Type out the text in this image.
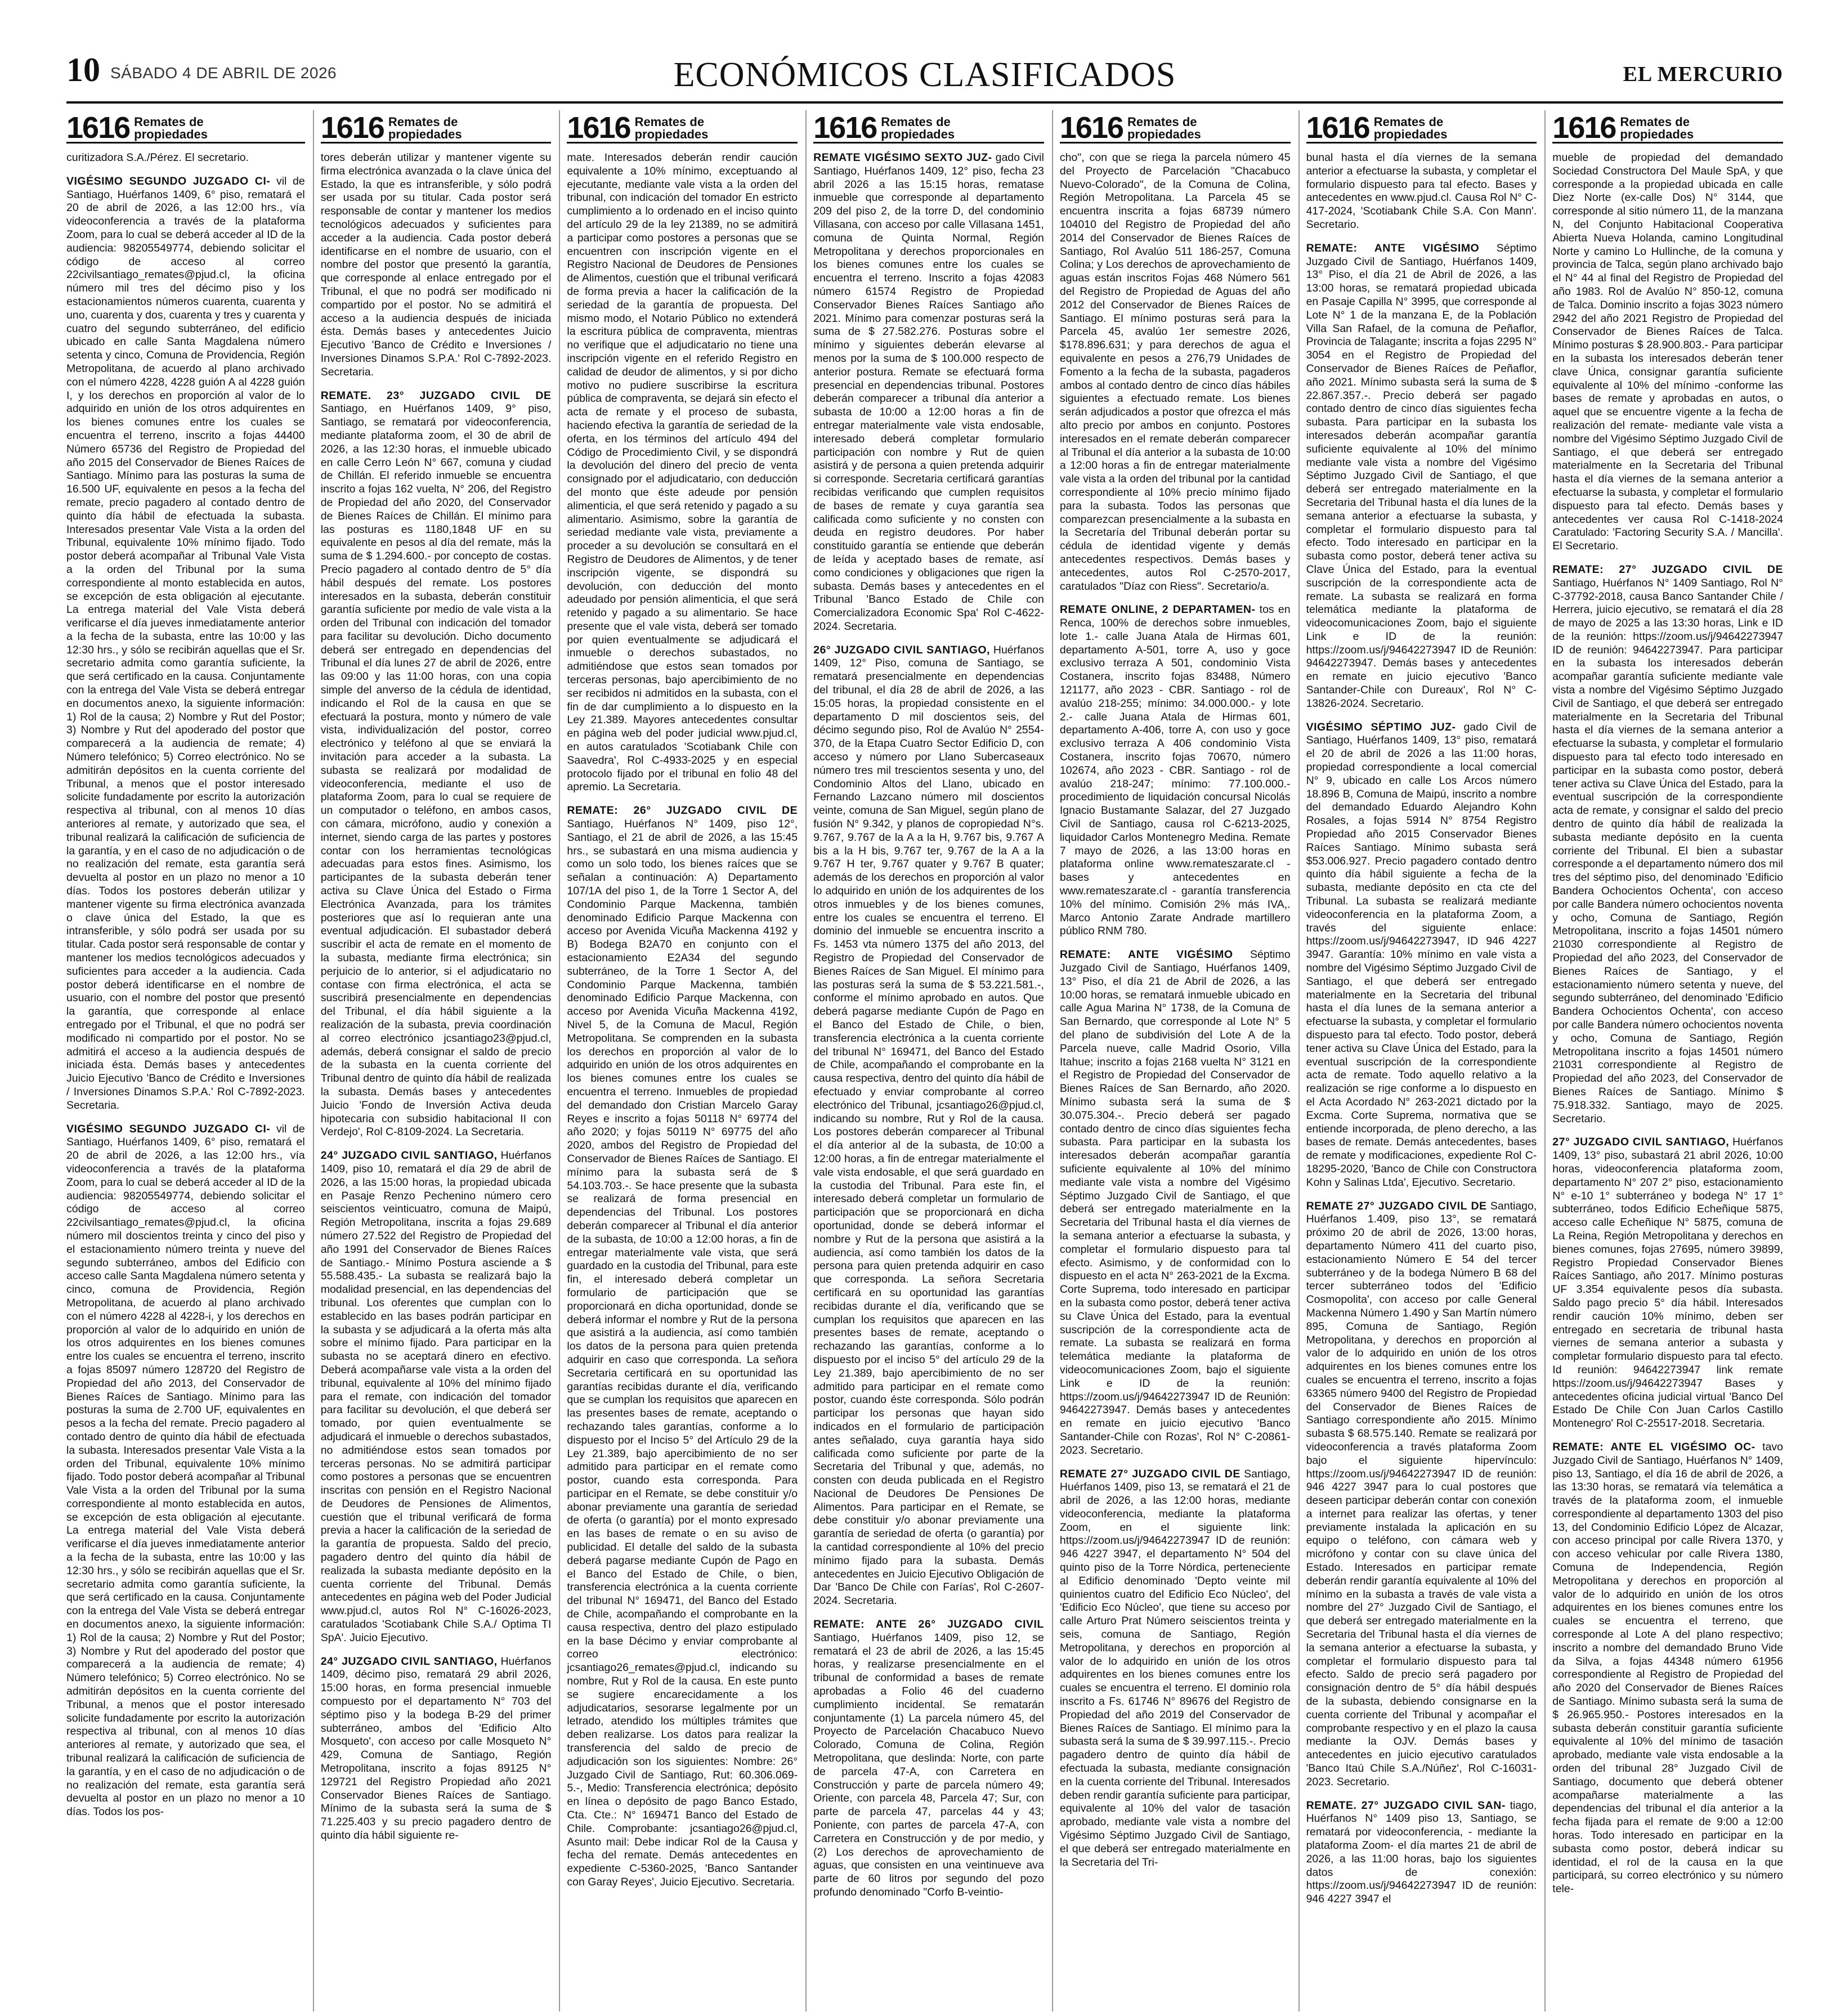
10 SÁBADO 4 DE ABRIL DE 2026	ECONÓMICOS CLASIFICADOS	EL MERCURIO
1616 Remates de
propiedades

curitizadora S.A./Pérez. El secretario.

VIGÉSIMO SEGUNDO JUZGADO CI- vil de Santiago, Huérfanos 1409, 6° piso, rematará el 20 de abril de 2026, a las 12:00 hrs., vía videoconferencia a través de la plataforma Zoom, para lo cual se deberá acceder al ID de la audiencia: 98205549774, debiendo solicitar el código de acceso al correo 22civilsantiago_remates@pjud.cl, la oficina número mil tres del décimo piso y los estacionamientos números cuarenta, cuarenta y uno, cuarenta y dos, cuarenta y tres y cuarenta y cuatro del segundo subterráneo, del edificio ubicado en calle Santa Magdalena número setenta y cinco, Comuna de Providencia, Región Metropolitana, de acuerdo al plano archivado con el número 4228, 4228 guión A al 4228 guión I, y los derechos en proporción al valor de lo adquirido en unión de los otros adquirentes en los bienes comunes entre los cuales se encuentra el terreno, inscrito a fojas 44400 Número 65736 del Registro de Propiedad del año 2015 del Conservador de Bienes Raíces de Santiago. Mínimo para las posturas la suma de 16.500 UF, equivalente en pesos a la fecha del remate, precio pagadero al contado dentro de quinto día hábil de efectuada la subasta. Interesados presentar Vale Vista a la orden del Tribunal, equivalente 10% mínimo fijado. Todo postor deberá acompañar al Tribunal Vale Vista a la orden del Tribunal por la suma correspondiente al monto establecida en autos, se excepción de esta obligación al ejecutante. La entrega material del Vale Vista deberá verificarse el día jueves inmediatamente anterior a la fecha de la subasta, entre las 10:00 y las 12:30 hrs., y sólo se recibirán aquellas que el Sr. secretario admita como garantía suficiente, la que será certificado en la causa. Conjuntamente con la entrega del Vale Vista se deberá entregar en documentos anexo, la siguiente información: 1) Rol de la causa; 2) Nombre y Rut del Postor; 3) Nombre y Rut del apoderado del postor que comparecerá a la audiencia de remate; 4) Número telefónico; 5) Correo electrónico. No se admitirán depósitos en la cuenta corriente del Tribunal, a menos que el postor interesado solicite fundadamente por escrito la autorización respectiva al tribunal, con al menos 10 días anteriores al remate, y autorizado que sea, el tribunal realizará la calificación de suficiencia de la garantía, y en el caso de no adjudicación o de no realización del remate, esta garantía será devuelta al postor en un plazo no menor a 10 días. Todos los postores deberán utilizar y mantener vigente su firma electrónica avanzada o clave única del Estado, la que es intransferible, y sólo podrá ser usada por su titular. Cada postor será responsable de contar y mantener los medios tecnológicos adecuados y suficientes para acceder a la audiencia. Cada postor deberá identificarse en el nombre de usuario, con el nombre del postor que presentó la garantía, que corresponde al enlace entregado por el Tribunal, el que no podrá ser modificado ni compartido por el postor. No se admitirá el acceso a la audiencia después de iniciada ésta. Demás bases y antecedentes Juicio Ejecutivo 'Banco de Crédito e Inversiones / Inversiones Dinamos S.P.A.' Rol C-7892-2023. Secretaria.

VIGÉSIMO SEGUNDO JUZGADO CI- vil de Santiago, Huérfanos 1409, 6° piso, rematará el 20 de abril de 2026, a las 12:00 hrs., vía videoconferencia a través de la plataforma Zoom, para lo cual se deberá acceder al ID de la audiencia: 98205549774, debiendo solicitar el código de acceso al correo 22civilsantiago_remates@pjud.cl, la oficina número mil doscientos treinta y cinco del piso y el estacionamiento número treinta y nueve del segundo subterráneo, ambos del Edificio con acceso calle Santa Magdalena número setenta y cinco, comuna de Providencia, Región Metropolitana, de acuerdo al plano archivado con el número 4228 al 4228-i, y los derechos en proporción al valor de lo adquirido en unión de los otros adquirentes en los bienes comunes entre los cuales se encuentra el terreno, inscrito a fojas 85097 número 128720 del Registro de Propiedad del año 2013, del Conservador de Bienes Raíces de Santiago. Mínimo para las posturas la suma de 2.700 UF, equivalentes en pesos a la fecha del remate. Precio pagadero al contado dentro de quinto día hábil de efectuada la subasta. Interesados presentar Vale Vista a la orden del Tribunal, equivalente 10% mínimo fijado. Todo postor deberá acompañar al Tribunal Vale Vista a la orden del Tribunal por la suma correspondiente al monto establecida en autos, se excepción de esta obligación al ejecutante. La entrega material del Vale Vista deberá verificarse el día jueves inmediatamente anterior a la fecha de la subasta, entre las 10:00 y las 12:30 hrs., y sólo se recibirán aquellas que el Sr. secretario admita como garantía suficiente, la que será certificado en la causa. Conjuntamente con la entrega del Vale Vista se deberá entregar en documentos anexo, la siguiente información: 1) Rol de la causa; 2) Nombre y Rut del Postor; 3) Nombre y Rut del apoderado del postor que comparecerá a la audiencia de remate; 4) Número telefónico; 5) Correo electrónico. No se admitirán depósitos en la cuenta corriente del Tribunal, a menos que el postor interesado solicite fundadamente por escrito la autorización respectiva al tribunal, con al menos 10 días anteriores al remate, y autorizado que sea, el tribunal realizará la calificación de suficiencia de la garantía, y en el caso de no adjudicación o de no realización del remate, esta garantía será devuelta al postor en un plazo no menor a 10 días. Todos los pos-

1616 Remates de
propiedades

tores deberán utilizar y mantener vigente su firma electrónica avanzada o la clave única del Estado, la que es intransferible, y sólo podrá ser usada por su titular. Cada postor será responsable de contar y mantener los medios tecnológicos adecuados y suficientes para acceder a la audiencia. Cada postor deberá identificarse en el nombre de usuario, con el nombre del postor que presentó la garantía, que corresponde al enlace entregado por el Tribunal, el que no podrá ser modificado ni compartido por el postor. No se admitirá el acceso a la audiencia después de iniciada ésta. Demás bases y antecedentes Juicio Ejecutivo 'Banco de Crédito e Inversiones / Inversiones Dinamos S.P.A.' Rol C-7892-2023. Secretaria.

REMATE. 23° JUZGADO CIVIL DE Santiago, en Huérfanos 1409, 9° piso, Santiago, se rematará por videoconferencia, mediante plataforma zoom, el 30 de abril de 2026, a las 12:30 horas, el inmueble ubicado en calle Cerro León N° 667, comuna y ciudad de Chillán. El referido inmueble se encuentra inscrito a fojas 162 vuelta, N° 206, del Registro de Propiedad del año 2020, del Conservador de Bienes Raíces de Chillán. El mínimo para las posturas es 1180,1848 UF en su equivalente en pesos al día del remate, más la suma de $ 1.294.600.- por concepto de costas. Precio pagadero al contado dentro de 5° día hábil después del remate. Los postores interesados en la subasta, deberán constituir garantía suficiente por medio de vale vista a la orden del Tribunal con indicación del tomador para facilitar su devolución. Dicho documento deberá ser entregado en dependencias del Tribunal el día lunes 27 de abril de 2026, entre las 09:00 y las 11:00 horas, con una copia simple del anverso de la cédula de identidad, indicando el Rol de la causa en que se efectuará la postura, monto y número de vale vista, individualización del postor, correo electrónico y teléfono al que se enviará la invitación para acceder a la subasta. La subasta se realizará por modalidad de videoconferencia, mediante el uso de plataforma Zoom, para lo cual se requiere de un computador o teléfono, en ambos casos, con cámara, micrófono, audio y conexión a internet, siendo carga de las partes y postores contar con los herramientas tecnológicas adecuadas para estos fines. Asimismo, los participantes de la subasta deberán tener activa su Clave Única del Estado o Firma Electrónica Avanzada, para los trámites posteriores que así lo requieran ante una eventual adjudicación. El subastador deberá suscribir el acta de remate en el momento de la subasta, mediante firma electrónica; sin perjuicio de lo anterior, si el adjudicatario no contase con firma electrónica, el acta se suscribirá presencialmente en dependencias del Tribunal, el día hábil siguiente a la realización de la subasta, previa coordinación al correo electrónico jcsantiago23@pjud.cl, además, deberá consignar el saldo de precio de la subasta en la cuenta corriente del Tribunal dentro de quinto día hábil de realizada la subasta. Demás bases y antecedentes Juicio 'Fondo de Inversión Activa deuda hipotecaria con subsidio habitacional II con Verdejo', Rol C-8109-2024. La Secretaria.

24° JUZGADO CIVIL SANTIAGO, Huérfanos 1409, piso 10, rematará el día 29 de abril de 2026, a las 15:00 horas, la propiedad ubicada en Pasaje Renzo Pechenino número cero seiscientos veinticuatro, comuna de Maipú, Región Metropolitana, inscrita a fojas 29.689 número 27.522 del Registro de Propiedad del año 1991 del Conservador de Bienes Raíces de Santiago.- Mínimo Postura asciende a $ 55.588.435.- La subasta se realizará bajo la modalidad presencial, en las dependencias del tribunal. Los oferentes que cumplan con lo establecido en las bases podrán participar en la subasta y se adjudicará a la oferta más alta sobre el mínimo fijado. Para participar en la subasta no se aceptará dinero en efectivo. Deberá acompañarse vale vista a la orden del tribunal, equivalente al 10% del mínimo fijado para el remate, con indicación del tomador para facilitar su devolución, el que deberá ser tomado, por quien eventualmente se adjudicará el inmueble o derechos subastados, no admitiéndose estos sean tomados por terceras personas. No se admitirá participar como postores a personas que se encuentren inscritas con pensión en el Registro Nacional de Deudores de Pensiones de Alimentos, cuestión que el tribunal verificará de forma previa a hacer la calificación de la seriedad de la garantía de propuesta. Saldo del precio, pagadero dentro del quinto día hábil de realizada la subasta mediante depósito en la cuenta corriente del Tribunal. Demás antecedentes en página web del Poder Judicial www.pjud.cl, autos Rol N° C-16026-2023, caratulados 'Scotiabank Chile S.A./ Optima TI SpA'. Juicio Ejecutivo.

24° JUZGADO CIVIL SANTIAGO, Huérfanos 1409, décimo piso, rematará 29 abril 2026, 15:00 horas, en forma presencial inmueble compuesto por el departamento N° 703 del séptimo piso y la bodega B-29 del primer subterráneo, ambos del 'Edificio Alto Mosqueto', con acceso por calle Mosqueto N° 429, Comuna de Santiago, Región Metropolitana, inscrito a fojas 89125 N° 129721 del Registro Propiedad año 2021 Conservador Bienes Raíces de Santiago. Mínimo de la subasta será la suma de $ 71.225.403 y su precio pagadero dentro de quinto día hábil siguiente re-

1616 Remates de
propiedades

mate. Interesados deberán rendir caución equivalente a 10% mínimo, exceptuando al ejecutante, mediante vale vista a la orden del tribunal, con indicación del tomador En estricto cumplimiento a lo ordenado en el inciso quinto del artículo 29 de la ley 21389, no se admitirá a participar como postores a personas que se encuentren con inscripción vigente en el Registro Nacional de Deudores de Pensiones de Alimentos, cuestión que el tribunal verificará de forma previa a hacer la calificación de la seriedad de la garantía de propuesta. Del mismo modo, el Notario Público no extenderá la escritura pública de compraventa, mientras no verifique que el adjudicatario no tiene una inscripción vigente en el referido Registro en calidad de deudor de alimentos, y si por dicho motivo no pudiere suscribirse la escritura pública de compraventa, se dejará sin efecto el acta de remate y el proceso de subasta, haciendo efectiva la garantía de seriedad de la oferta, en los términos del artículo 494 del Código de Procedimiento Civil, y se dispondrá la devolución del dinero del precio de venta consignado por el adjudicatario, con deducción del monto que éste adeude por pensión alimenticia, el que será retenido y pagado a su alimentario. Asimismo, sobre la garantía de seriedad mediante vale vista, previamente a proceder a su devolución se consultará en el Registro de Deudores de Alimentos, y de tener inscripción vigente, se dispondrá su devolución, con deducción del monto adeudado por pensión alimenticia, el que será retenido y pagado a su alimentario. Se hace presente que el vale vista, deberá ser tomado por quien eventualmente se adjudicará el inmueble o derechos subastados, no admitiéndose que estos sean tomados por terceras personas, bajo apercibimiento de no ser recibidos ni admitidos en la subasta, con el fin de dar cumplimiento a lo dispuesto en la Ley 21.389. Mayores antecedentes consultar en página web del poder judicial www.pjud.cl, en autos caratulados 'Scotiabank Chile con Saavedra', Rol C-4933-2025 y en especial protocolo fijado por el tribunal en folio 48 del apremio. La Secretaria.

REMATE: 26° JUZGADO CIVIL DE Santiago, Huérfanos N° 1409, piso 12°, Santiago, el 21 de abril de 2026, a las 15:45 hrs., se subastará en una misma audiencia y como un solo todo, los bienes raíces que se señalan a continuación: A) Departamento 107/1A del piso 1, de la Torre 1 Sector A, del Condominio Parque Mackenna, también denominado Edificio Parque Mackenna con acceso por Avenida Vicuña Mackenna 4192 y B) Bodega B2A70 en conjunto con el estacionamiento E2A34 del segundo subterráneo, de la Torre 1 Sector A, del Condominio Parque Mackenna, también denominado Edificio Parque Mackenna, con acceso por Avenida Vicuña Mackenna 4192, Nivel 5, de la Comuna de Macul, Región Metropolitana. Se comprenden en la subasta los derechos en proporción al valor de lo adquirido en unión de los otros adquirentes en los bienes comunes entre los cuales se encuentra el terreno. Inmuebles de propiedad del demandado don Cristian Marcelo Garay Reyes e inscrito a fojas 50118 N° 69774 del año 2020; y fojas 50119 N° 69775 del año 2020, ambos del Registro de Propiedad del Conservador de Bienes Raíces de Santiago. El mínimo para la subasta será de $ 54.103.703.-. Se hace presente que la subasta se realizará de forma presencial en dependencias del Tribunal. Los postores deberán comparecer al Tribunal el día anterior de la subasta, de 10:00 a 12:00 horas, a fin de entregar materialmente vale vista, que será guardado en la custodia del Tribunal, para este fin, el interesado deberá completar un formulario de participación que se proporcionará en dicha oportunidad, donde se deberá informar el nombre y Rut de la persona que asistirá a la audiencia, así como también los datos de la persona para quien pretenda adquirir en caso que corresponda. La señora Secretaria certificará en su oportunidad las garantías recibidas durante el día, verificando que se cumplan los requisitos que aparecen en las presentes bases de remate, aceptando o rechazando tales garantías, conforme a lo dispuesto por el Inciso 5° del Artículo 29 de la Ley 21.389, bajo apercibimiento de no ser admitido para participar en el remate como postor, cuando esta corresponda. Para participar en el Remate, se debe constituir y/o abonar previamente una garantía de seriedad de oferta (o garantía) por el monto expresado en las bases de remate o en su aviso de publicidad. El detalle del saldo de la subasta deberá pagarse mediante Cupón de Pago en el Banco del Estado de Chile, o bien, transferencia electrónica a la cuenta corriente del tribunal N° 169471, del Banco del Estado de Chile, acompañando el comprobante en la causa respectiva, dentro del plazo estipulado en la base Décimo y enviar comprobante al correo electrónico: jcsantiago26_remates@pjud.cl, indicando su nombre, Rut y Rol de la causa. En este punto se sugiere encarecidamente a los adjudicatarios, sesorarse legalmente por un letrado, atendido los múltiples trámites que deben realizarse. Los datos para realizar la transferencia del saldo de precio de adjudicación son los siguientes: Nombre: 26° Juzgado Civil de Santiago, Rut: 60.306.069-5.-, Medio: Transferencia electrónica; depósito en línea o depósito de pago Banco Estado, Cta. Cte.: N° 169471 Banco del Estado de Chile. Comprobante: jcsantiago26@pjud.cl, Asunto mail: Debe indicar Rol de la Causa y fecha del remate. Demás antecedentes en expediente C-5360-2025, 'Banco Santander con Garay Reyes', Juicio Ejecutivo. Secretaria.

1616 Remates de
propiedades

REMATE VIGÉSIMO SEXTO JUZ- gado Civil Santiago, Huérfanos 1409, 12° piso, fecha 23 abril 2026 a las 15:15 horas, rematase inmueble que corresponde al departamento 209 del piso 2, de la torre D, del condominio Villasana, con acceso por calle Villasana 1451, comuna de Quinta Normal, Región Metropolitana y derechos proporcionales en los bienes comunes entre los cuales se encuentra el terreno. Inscrito a fojas 42083 número 61574 Registro de Propiedad Conservador Bienes Raíces Santiago año 2021. Mínimo para comenzar posturas será la suma de $ 27.582.276. Posturas sobre el mínimo y siguientes deberán elevarse al menos por la suma de $ 100.000 respecto de anterior postura. Remate se efectuará forma presencial en dependencias tribunal. Postores deberán comparecer a tribunal día anterior a subasta de 10:00 a 12:00 horas a fin de entregar materialmente vale vista endosable, interesado deberá completar formulario participación con nombre y Rut de quien asistirá y de persona a quien pretenda adquirir si corresponde. Secretaria certificará garantías recibidas verificando que cumplen requisitos de bases de remate y cuya garantía sea calificada como suficiente y no consten con deuda en registro deudores. Por haber constituido garantía se entiende que deberán de leída y aceptado bases de remate, así como condiciones y obligaciones que rigen la subasta. Demás bases y antecedentes en el Tribunal 'Banco Estado de Chile con Comercializadora Economic Spa' Rol C-4622-2024. Secretaria.

26° JUZGADO CIVIL SANTIAGO, Huérfanos 1409, 12° Piso, comuna de Santiago, se rematará presencialmente en dependencias del tribunal, el día 28 de abril de 2026, a las 15:05 horas, la propiedad consistente en el departamento D mil doscientos seis, del décimo segundo piso, Rol de Avalúo N° 2554-370, de la Etapa Cuatro Sector Edificio D, con acceso y número por Llano Subercaseaux número tres mil trescientos sesenta y uno, del Condominio Altos del Llano, ubicado en Fernando Lazcano número mil doscientos veinte, comuna de San Miguel, según plano de fusión N° 9.342, y planos de copropiedad N°s. 9.767, 9.767 de la A a la H, 9.767 bis, 9.767 A bis a la H bis, 9.767 ter, 9.767 de la A a la 9.767 H ter, 9.767 quater y 9.767 B quater; además de los derechos en proporción al valor lo adquirido en unión de los adquirentes de los otros inmuebles y de los bienes comunes, entre los cuales se encuentra el terreno. El dominio del inmueble se encuentra inscrito a Fs. 1453 vta número 1375 del año 2013, del Registro de Propiedad del Conservador de Bienes Raíces de San Miguel. El mínimo para las posturas será la suma de $ 53.221.581.-, conforme el mínimo aprobado en autos. Que deberá pagarse mediante Cupón de Pago en el Banco del Estado de Chile, o bien, transferencia electrónica a la cuenta corriente del tribunal N° 169471, del Banco del Estado de Chile, acompañando el comprobante en la causa respectiva, dentro del quinto día hábil de efectuado y enviar comprobante al correo electrónico del Tribunal, jcsantiago26@pjud.cl, indicando su nombre, Rut y Rol de la causa. Los postores deberán comparecer al Tribunal el día anterior al de la subasta, de 10:00 a 12:00 horas, a fin de entregar materialmente el vale vista endosable, el que será guardado en la custodia del Tribunal. Para este fin, el interesado deberá completar un formulario de participación que se proporcionará en dicha oportunidad, donde se deberá informar el nombre y Rut de la persona que asistirá a la audiencia, así como también los datos de la persona para quien pretenda adquirir en caso que corresponda. La señora Secretaria certificará en su oportunidad las garantías recibidas durante el día, verificando que se cumplan los requisitos que aparecen en las presentes bases de remate, aceptando o rechazando las garantías, conforme a lo dispuesto por el inciso 5° del artículo 29 de la Ley 21.389, bajo apercibimiento de no ser admitido para participar en el remate como postor, cuando éste corresponda. Sólo podrán participar los personas que hayan sido indicados en el formulario de participación antes señalado, cuya garantía haya sido calificada como suficiente por parte de la Secretaria del Tribunal y que, además, no consten con deuda publicada en el Registro Nacional de Deudores De Pensiones De Alimentos. Para participar en el Remate, se debe constituir y/o abonar previamente una garantía de seriedad de oferta (o garantía) por la cantidad correspondiente al 10% del precio mínimo fijado para la subasta. Demás antecedentes en Juicio Ejecutivo Obligación de Dar 'Banco De Chile con Farías', Rol C-2607-2024. Secretaria.

REMATE: ANTE 26° JUZGADO CIVIL Santiago, Huérfanos 1409, piso 12, se rematará el 23 de abril de 2026, a las 15:45 horas, y realizarse presencialmente en el tribunal de conformidad a bases de remate aprobadas a Folio 46 del cuaderno cumplimiento incidental. Se rematarán conjuntamente (1) La parcela número 45, del Proyecto de Parcelación Chacabuco Nuevo Colorado, Comuna de Colina, Región Metropolitana, que deslinda: Norte, con parte de parcela 47-A, con Carretera en Construcción y parte de parcela número 49; Oriente, con parcela 48, Parcela 47; Sur, con parte de parcela 47, parcelas 44 y 43; Poniente, con partes de parcela 47-A, con Carretera en Construcción y de por medio, y (2) Los derechos de aprovechamiento de aguas, que consisten en una veintinueve ava parte de 60 litros por segundo del pozo profundo denominado "Corfo B-veintio-

1616 Remates de
propiedades

cho", con que se riega la parcela número 45 del Proyecto de Parcelación "Chacabuco Nuevo-Colorado", de la Comuna de Colina, Región Metropolitana. La Parcela 45 se encuentra inscrita a fojas 68739 número 104010 del Registro de Propiedad del año 2014 del Conservador de Bienes Raíces de Santiago, Rol Avalúo 511 186-257, Comuna Colina; y Los derechos de aprovechamiento de aguas están inscritos Fojas 468 Número 561 del Registro de Propiedad de Aguas del año 2012 del Conservador de Bienes Raíces de Santiago. El mínimo posturas será para la Parcela 45, avalúo 1er semestre 2026, $178.896.631; y para derechos de agua el equivalente en pesos a 276,79 Unidades de Fomento a la fecha de la subasta, pagaderos ambos al contado dentro de cinco días hábiles siguientes a efectuado remate. Los bienes serán adjudicados a postor que ofrezca el más alto precio por ambos en conjunto. Postores interesados en el remate deberán comparecer al Tribunal el día anterior a la subasta de 10:00 a 12:00 horas a fin de entregar materialmente vale vista a la orden del tribunal por la cantidad correspondiente al 10% precio mínimo fijado para la subasta. Todos las personas que comparezcan presencialmente a la subasta en la Secretaría del Tribunal deberán portar su cédula de identidad vigente y demás antecedentes respectivos. Demás bases y antecedentes, autos Rol C-2570-2017, caratulados "Díaz con Riess". Secretario/a.

REMATE ONLINE, 2 DEPARTAMEN- tos en Renca, 100% de derechos sobre inmuebles, lote 1.- calle Juana Atala de Hirmas 601, departamento A-501, torre A, uso y goce exclusivo terraza A 501, condominio Vista Costanera, inscrito fojas 83488, Número 121177, año 2023 - CBR. Santiago - rol de avalúo 218-255; mínimo: 34.000.000.- y lote 2.- calle Juana Atala de Hirmas 601, departamento A-406, torre A, con uso y goce exclusivo terraza A 406 condominio Vista Costanera, inscrito fojas 70670, número 102674, año 2023 - CBR. Santiago - rol de avalúo 218-247; mínimo: 77.100.000.- procedimiento de liquidación concursal Nicolás Ignacio Bustamante Salazar, del 27 Juzgado Civil de Santiago, causa rol C-6213-2025, liquidador Carlos Montenegro Medina. Remate 7 mayo de 2026, a las 13:00 horas en plataforma online www.remateszarate.cl - bases y antecedentes en www.remateszarate.cl - garantía transferencia 10% del mínimo. Comisión 2% más IVA,. Marco Antonio Zarate Andrade martillero público RNM 780.

REMATE: ANTE VIGÉSIMO Séptimo Juzgado Civil de Santiago, Huérfanos 1409, 13° Piso, el día 21 de Abril de 2026, a las 10:00 horas, se rematará inmueble ubicado en calle Agua Marina N° 1738, de la Comuna de San Bernardo, que corresponde al Lote N° 5 del plano de subdivisión del Lote A de la Parcela nueve, calle Madrid Osorio, Villa Itahue; inscrito a fojas 2168 vuelta N° 3121 en el Registro de Propiedad del Conservador de Bienes Raíces de San Bernardo, año 2020. Mínimo subasta será la suma de $ 30.075.304.-. Precio deberá ser pagado contado dentro de cinco días siguientes fecha subasta. Para participar en la subasta los interesados deberán acompañar garantía suficiente equivalente al 10% del mínimo mediante vale vista a nombre del Vigésimo Séptimo Juzgado Civil de Santiago, el que deberá ser entregado materialmente en la Secretaria del Tribunal hasta el día viernes de la semana anterior a efectuarse la subasta, y completar el formulario dispuesto para tal efecto. Asimismo, y de conformidad con lo dispuesto en el acta N° 263-2021 de la Excma. Corte Suprema, todo interesado en participar en la subasta como postor, deberá tener activa su Clave Única del Estado, para la eventual suscripción de la correspondiente acta de remate. La subasta se realizará en forma telemática mediante la plataforma de videocomunicaciones Zoom, bajo el siguiente Link e ID de la reunión: https://zoom.us/j/94642273947 ID de Reunión: 94642273947. Demás bases y antecedentes en remate en juicio ejecutivo 'Banco Santander-Chile con Rozas', Rol N° C-20861-2023. Secretario.

REMATE 27° JUZGADO CIVIL DE Santiago, Huérfanos 1409, piso 13, se rematará el 21 de abril de 2026, a las 12:00 horas, mediante videoconferencia, mediante la plataforma Zoom, en el siguiente link: https://zoom.us/j/94642273947 ID de reunión: 946 4227 3947, el departamento N° 504 del quinto piso de la Torre Nórdica, perteneciente al Edificio denominado 'Depto veinte mil quinientos cuatro del Edificio Eco Núcleo', del 'Edificio Eco Núcleo', que tiene su acceso por calle Arturo Prat Número seiscientos treinta y seis, comuna de Santiago, Región Metropolitana, y derechos en proporción al valor de lo adquirido en unión de los otros adquirentes en los bienes comunes entre los cuales se encuentra el terreno. El dominio rola inscrito a Fs. 61746 N° 89676 del Registro de Propiedad del año 2019 del Conservador de Bienes Raíces de Santiago. El mínimo para la subasta será la suma de $ 39.997.115.-. Precio pagadero dentro de quinto día hábil de efectuada la subasta, mediante consignación en la cuenta corriente del Tribunal. Interesados deben rendir garantía suficiente para participar, equivalente al 10% del valor de tasación aprobado, mediante vale vista a nombre del Vigésimo Séptimo Juzgado Civil de Santiago, el que deberá ser entregado materialmente en la Secretaria del Tri-

1616 Remates de
propiedades

bunal hasta el día viernes de la semana anterior a efectuarse la subasta, y completar el formulario dispuesto para tal efecto. Bases y antecedentes en www.pjud.cl. Causa Rol N° C-417-2024, 'Scotiabank Chile S.A. Con Mann'. Secretario.

REMATE: ANTE VIGÉSIMO Séptimo Juzgado Civil de Santiago, Huérfanos 1409, 13° Piso, el día 21 de Abril de 2026, a las 13:00 horas, se rematará propiedad ubicada en Pasaje Capilla N° 3995, que corresponde al Lote N° 1 de la manzana E, de la Población Villa San Rafael, de la comuna de Peñaflor, Provincia de Talagante; inscrita a fojas 2295 N° 3054 en el Registro de Propiedad del Conservador de Bienes Raíces de Peñaflor, año 2021. Mínimo subasta será la suma de $ 22.867.357.-. Precio deberá ser pagado contado dentro de cinco días siguientes fecha subasta. Para participar en la subasta los interesados deberán acompañar garantía suficiente equivalente al 10% del mínimo mediante vale vista a nombre del Vigésimo Séptimo Juzgado Civil de Santiago, el que deberá ser entregado materialmente en la Secretaria del Tribunal hasta el día lunes de la semana anterior a efectuarse la subasta, y completar el formulario dispuesto para tal efecto. Todo interesado en participar en la subasta como postor, deberá tener activa su Clave Única del Estado, para la eventual suscripción de la correspondiente acta de remate. La subasta se realizará en forma telemática mediante la plataforma de videocomunicaciones Zoom, bajo el siguiente Link e ID de la reunión: https://zoom.us/j/94642273947 ID de Reunión: 94642273947. Demás bases y antecedentes en remate en juicio ejecutivo 'Banco Santander-Chile con Dureaux', Rol N° C-13826-2024. Secretario.

VIGÉSIMO SÉPTIMO JUZ- gado Civil de Santiago, Huérfanos 1409, 13° piso, rematará el 20 de abril de 2026 a las 11:00 horas, propiedad correspondiente a local comercial N° 9, ubicado en calle Los Arcos número 18.896 B, Comuna de Maipú, inscrito a nombre del demandado Eduardo Alejandro Kohn Rosales, a fojas 5914 N° 8754 Registro Propiedad año 2015 Conservador Bienes Raíces Santiago. Mínimo subasta será $53.006.927. Precio pagadero contado dentro quinto día hábil siguiente a fecha de la subasta, mediante depósito en cta cte del Tribunal. La subasta se realizará mediante videoconferencia en la plataforma Zoom, a través del siguiente enlace: https://zoom.us/j/94642273947, ID 946 4227 3947. Garantía: 10% mínimo en vale vista a nombre del Vigésimo Séptimo Juzgado Civil de Santiago, el que deberá ser entregado materialmente en la Secretaria del tribunal hasta el día lunes de la semana anterior a efectuarse la subasta, y completar el formulario dispuesto para tal efecto. Todo postor, deberá tener activa su Clave Única del Estado, para la eventual suscripción de la correspondiente acta de remate. Todo aquello relativo a la realización se rige conforme a lo dispuesto en el Acta Acordado N° 263-2021 dictado por la Excma. Corte Suprema, normativa que se entiende incorporada, de pleno derecho, a las bases de remate. Demás antecedentes, bases de remate y modificaciones, expediente Rol C-18295-2020, 'Banco de Chile con Constructora Kohn y Salinas Ltda', Ejecutivo. Secretario.

REMATE 27° JUZGADO CIVIL DE Santiago, Huérfanos 1.409, piso 13°, se rematará próximo 20 de abril de 2026, 13:00 horas, departamento Número 411 del cuarto piso, estacionamiento Número E 54 del tercer subterráneo y de la bodega Número B 68 del tercer subterráneo todos del 'Edificio Cosmopolita', con acceso por calle General Mackenna Número 1.490 y San Martín número 895, Comuna de Santiago, Región Metropolitana, y derechos en proporción al valor de lo adquirido en unión de los otros adquirentes en los bienes comunes entre los cuales se encuentra el terreno, inscrito a fojas 63365 número 9400 del Registro de Propiedad del Conservador de Bienes Raíces de Santiago correspondiente año 2015. Mínimo subasta $ 68.575.140. Remate se realizará por videoconferencia a través plataforma Zoom bajo el siguiente hipervínculo: https://zoom.us/j/94642273947 ID de reunión: 946 4227 3947 para lo cual postores que deseen participar deberán contar con conexión a internet para realizar las ofertas, y tener previamente instalada la aplicación en su equipo o teléfono, con cámara web y micrófono y contar con su clave única del Estado. Interesados en participar remate deberán rendir garantía equivalente al 10% del mínimo en la subasta a través de vale vista a nombre del 27° Juzgado Civil de Santiago, el que deberá ser entregado materialmente en la Secretaria del Tribunal hasta el día viernes de la semana anterior a efectuarse la subasta, y completar el formulario dispuesto para tal efecto. Saldo de precio será pagadero por consignación dentro de 5° día hábil después de la subasta, debiendo consignarse en la cuenta corriente del Tribunal y acompañar el comprobante respectivo y en el plazo la causa mediante la OJV. Demás bases y antecedentes en juicio ejecutivo caratulados 'Banco Itaú Chile S.A./Núñez', Rol C-16031-2023. Secretario.

REMATE. 27° JUZGADO CIVIL SAN- tiago, Huérfanos N° 1409 piso 13, Santiago, se rematará por videoconferencia, - mediante la plataforma Zoom- el día martes 21 de abril de 2026, a las 11:00 horas, bajo los siguientes datos de conexión: https://zoom.us/j/94642273947 ID de reunión: 946 4227 3947 el

1616 Remates de
propiedades

mueble de propiedad del demandado Sociedad Constructora Del Maule SpA, y que corresponde a la propiedad ubicada en calle Diez Norte (ex-calle Dos) N° 3144, que corresponde al sitio número 11, de la manzana N, del Conjunto Habitacional Cooperativa Abierta Nueva Holanda, camino Longitudinal Norte y camino Lo Hullinche, de la comuna y provincia de Talca, según plano archivado bajo el N° 44 al final del Registro de Propiedad del año 1983. Rol de Avalúo N° 850-12, comuna de Talca. Dominio inscrito a fojas 3023 número 2942 del año 2021 Registro de Propiedad del Conservador de Bienes Raíces de Talca. Mínimo posturas $ 28.900.803.- Para participar en la subasta los interesados deberán tener clave Única, consignar garantía suficiente equivalente al 10% del mínimo -conforme las bases de remate y aprobadas en autos, o aquel que se encuentre vigente a la fecha de realización del remate- mediante vale vista a nombre del Vigésimo Séptimo Juzgado Civil de Santiago, el que deberá ser entregado materialmente en la Secretaria del Tribunal hasta el día viernes de la semana anterior a efectuarse la subasta, y completar el formulario dispuesto para tal efecto. Demás bases y antecedentes ver causa Rol C-1418-2024 Caratulado: 'Factoring Security S.A. / Mancilla'. El Secretario.

REMATE: 27° JUZGADO CIVIL DE Santiago, Huérfanos N° 1409 Santiago, Rol N° C-37792-2018, causa Banco Santander Chile / Herrera, juicio ejecutivo, se rematará el día 28 de mayo de 2025 a las 13:30 horas, Link e ID de la reunión: https://zoom.us/j/94642273947 ID de reunión: 94642273947. Para participar en la subasta los interesados deberán acompañar garantía suficiente mediante vale vista a nombre del Vigésimo Séptimo Juzgado Civil de Santiago, el que deberá ser entregado materialmente en la Secretaria del Tribunal hasta el día viernes de la semana anterior a efectuarse la subasta, y completar el formulario dispuesto para tal efecto todo interesado en participar en la subasta como postor, deberá tener activa su Clave Única del Estado, para la eventual suscripción de la correspondiente acta de remate, y consignar el saldo del precio dentro de quinto día hábil de realizada la subasta mediante depósito en la cuenta corriente del Tribunal. El bien a subastar corresponde a el departamento número dos mil tres del séptimo piso, del denominado 'Edificio Bandera Ochocientos Ochenta', con acceso por calle Bandera número ochocientos noventa y ocho, Comuna de Santiago, Región Metropolitana, inscrito a fojas 14501 número 21030 correspondiente al Registro de Propiedad del año 2023, del Conservador de Bienes Raíces de Santiago, y el estacionamiento número setenta y nueve, del segundo subterráneo, del denominado 'Edificio Bandera Ochocientos Ochenta', con acceso por calle Bandera número ochocientos noventa y ocho, Comuna de Santiago, Región Metropolitana inscrito a fojas 14501 número 21031 correspondiente al Registro de Propiedad del año 2023, del Conservador de Bienes Raíces de Santiago. Mínimo $ 75.918.332. Santiago, mayo de 2025. Secretario.

27° JUZGADO CIVIL SANTIAGO, Huérfanos 1409, 13° piso, subastará 21 abril 2026, 10:00 horas, videoconferencia plataforma zoom, departamento N° 207 2° piso, estacionamiento N° e-10 1° subterráneo y bodega N° 17 1° subterráneo, todos Edificio Echeñique 5875, acceso calle Echeñique N° 5875, comuna de La Reina, Región Metropolitana y derechos en bienes comunes, fojas 27695, número 39899, Registro Propiedad Conservador Bienes Raíces Santiago, año 2017. Mínimo posturas UF 3.354 equivalente pesos día subasta. Saldo pago precio 5° día hábil. Interesados rendir caución 10% mínimo, deben ser entregado en secretaria de tribunal hasta viernes de semana anterior a subasta y completar formulario dispuesto para tal efecto. Id reunión: 94642273947 link remate https://zoom.us/j/94642273947 Bases y antecedentes oficina judicial virtual 'Banco Del Estado De Chile Con Juan Carlos Castillo Montenegro' Rol C-25517-2018. Secretaria.

REMATE: ANTE EL VIGÉSIMO OC- tavo Juzgado Civil de Santiago, Huérfanos N° 1409, piso 13, Santiago, el día 16 de abril de 2026, a las 13:30 horas, se rematará vía telemática a través de la plataforma zoom, el inmueble correspondiente al departamento 1303 del piso 13, del Condominio Edificio López de Alcazar, con acceso principal por calle Rivera 1370, y con acceso vehicular por calle Rivera 1380, Comuna de Independencia, Región Metropolitana y derechos en proporción al valor de lo adquirido en unión de los otros adquirentes en los bienes comunes entre los cuales se encuentra el terreno, que corresponde al Lote A del plano respectivo; inscrito a nombre del demandado Bruno Vide da Silva, a fojas 44348 número 61956 correspondiente al Registro de Propiedad del año 2020 del Conservador de Bienes Raíces de Santiago. Mínimo subasta será la suma de $ 26.965.950.- Postores interesados en la subasta deberán constituir garantía suficiente equivalente al 10% del mínimo de tasación aprobado, mediante vale vista endosable a la orden del tribunal 28° Juzgado Civil de Santiago, documento que deberá obtener acompañarse materialmente a las dependencias del tribunal el día anterior a la fecha fijada para el remate de 9:00 a 12:00 horas. Todo interesado en participar en la subasta como postor, deberá indicar su identidad, el rol de la causa en la que participará, su correo electrónico y su número tele-
